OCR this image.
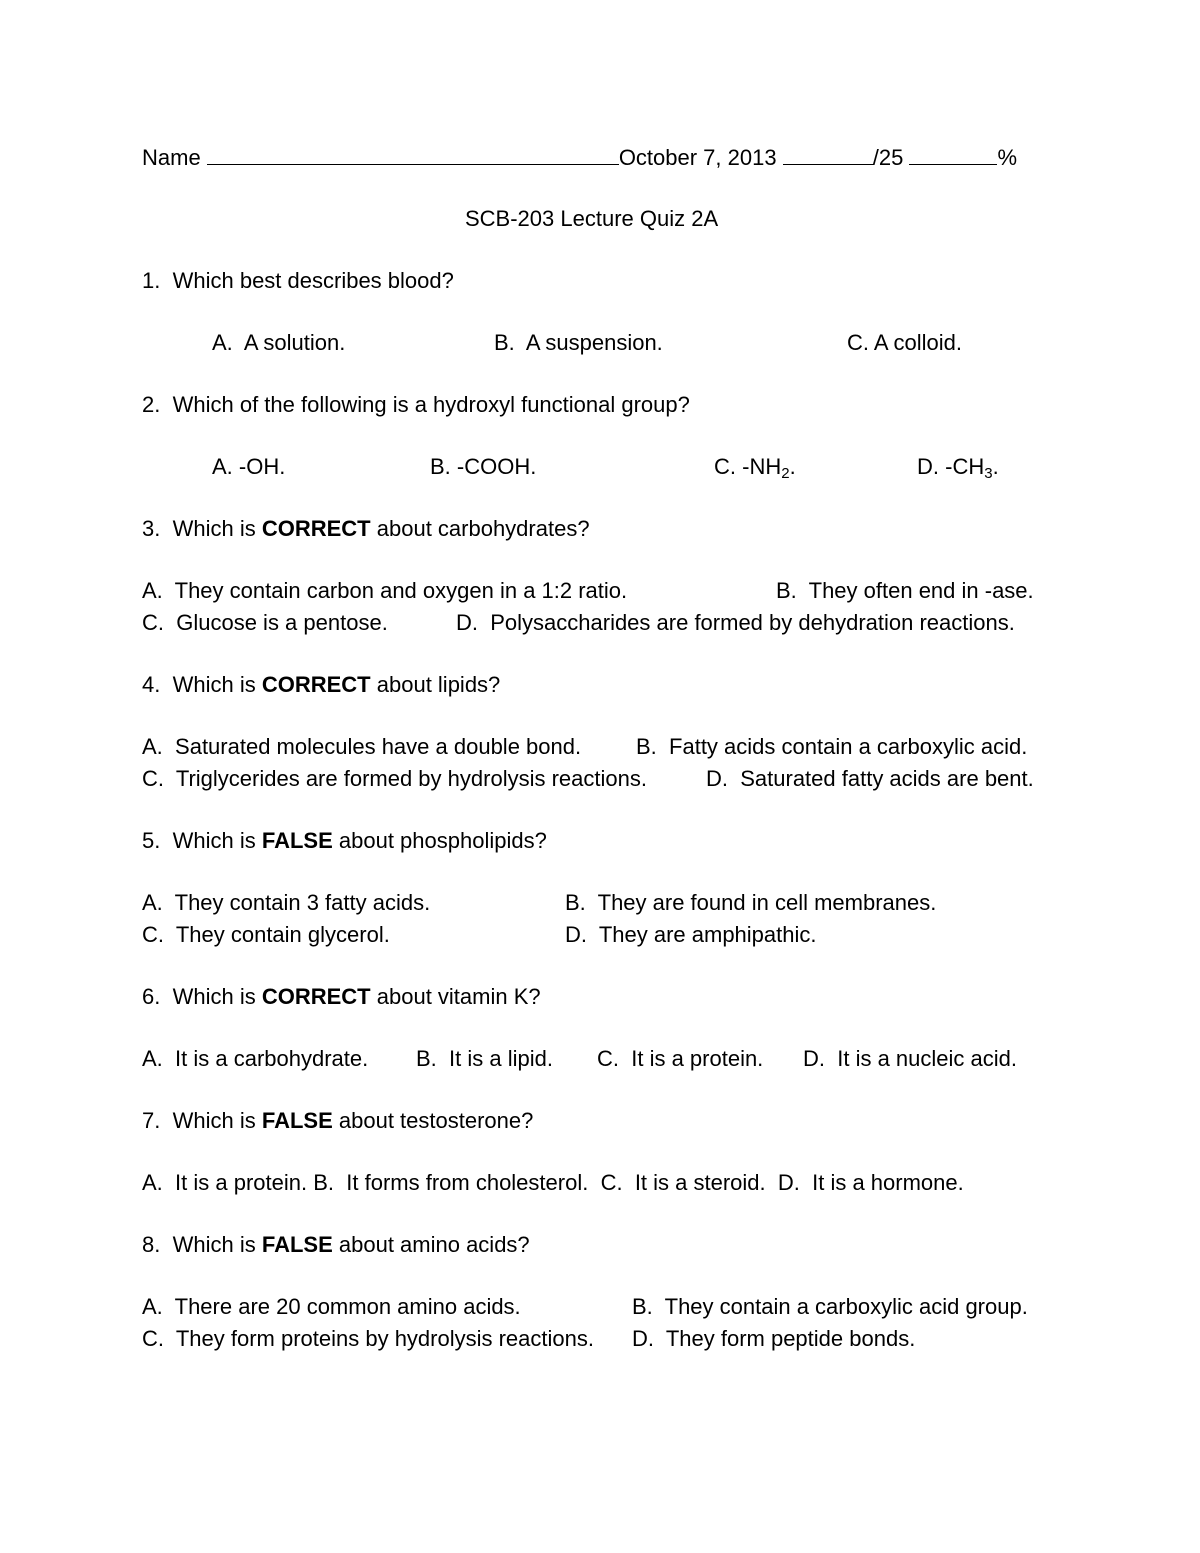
Name	October 7, 2013	/25	%
SCB-203 Lecture Quiz 2A
1. Which best describes blood?
A. A solution.	B. A suspension.	C. A colloid.
2. Which of the following is a hydroxyl functional group?
A. -OH.	B. -COOH.	C. $-NH_2$.	D. $-CH_3$.
3. Which is CORRECT about carbohydrates?
A. They contain carbon and oxygen in a 1:2 ratio.	B. They often end in -ase.
C. Glucose is a pentose.	D. Polysaccharides are formed by dehydration reactions.
4. Which is CORRECT about lipids?
A. Saturated molecules have a double bond. B. Fatty acids contain a carboxylic acid.
C. Triglycerides are formed by hydrolysis reactions.	D. Saturated fatty acids are bent.
5. Which is FALSE about phospholipids?
A. They contain 3 fatty acids.	B. They are found in cell membranes.
C. They contain glycerol.	D. They are amphipathic.
6. Which is CORRECT about vitamin K?
A. It is a carbohydrate. B. It is a lipid. C. It is a protein. D. It is a nucleic acid.
7. Which is FALSE about testosterone?
A. It is a protein. B. It forms from cholesterol. C. It is a steroid. D. It is a hormone.
8. Which is FALSE about amino acids?
A. There are 20 common amino acids.	B. They contain a carboxylic acid group.
C. They form proteins by hydrolysis reactions. D. They form peptide bonds.
